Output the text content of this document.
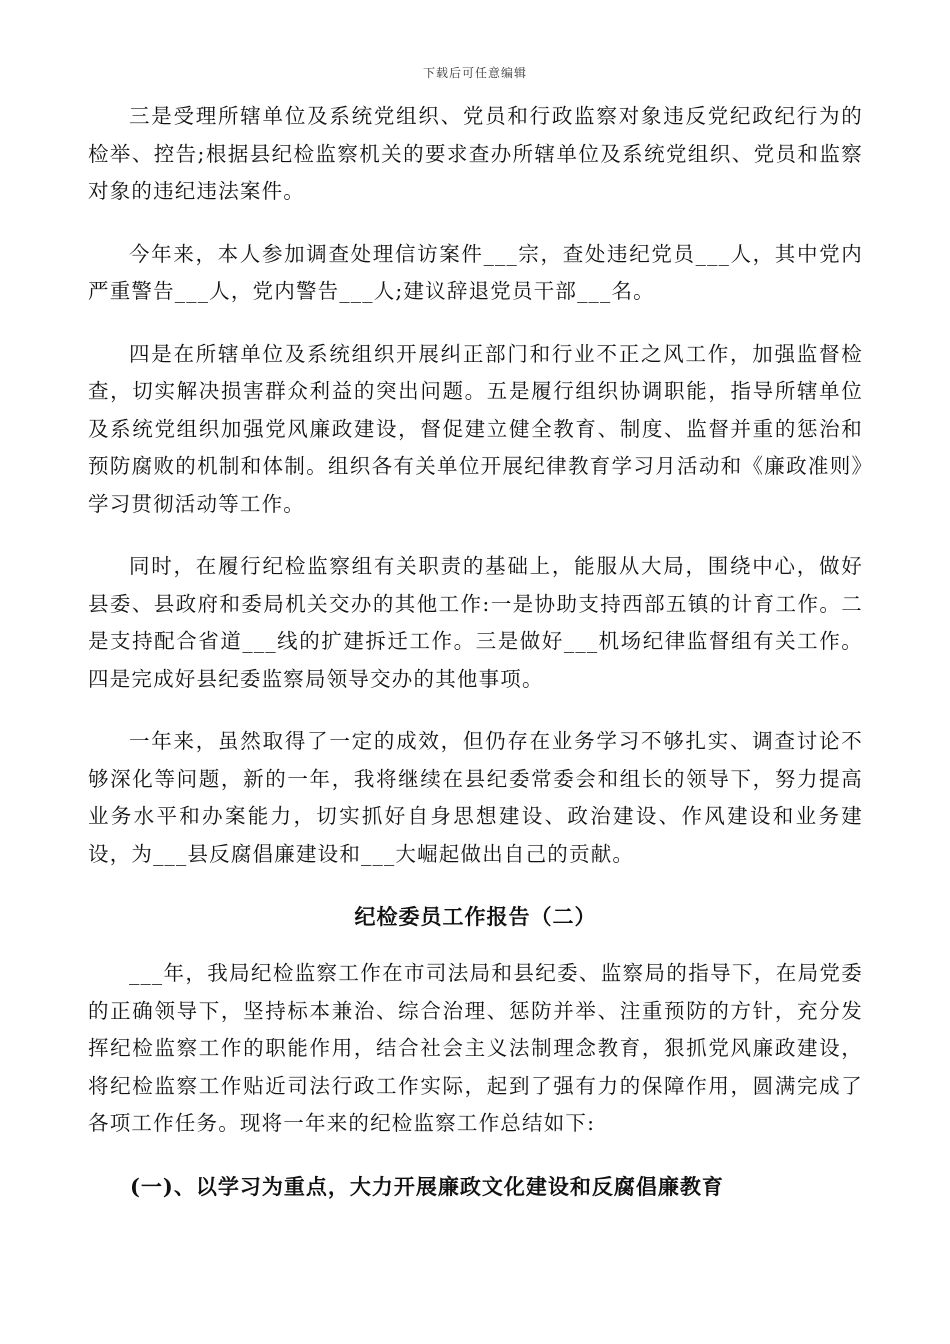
下载后可任意编辑

三是受理所辖单位及系统党组织、党员和行政监察对象违反党纪政纪行为的检举、控告;根据县纪检监察机关的要求查办所辖单位及系统党组织、党员和监察对象的违纪违法案件。

今年来，本人参加调查处理信访案件___宗，查处违纪党员___人，其中党内严重警告___人，党内警告___人;建议辞退党员干部___名。

四是在所辖单位及系统组织开展纠正部门和行业不正之风工作，加强监督检查，切实解决损害群众利益的突出问题。五是履行组织协调职能，指导所辖单位及系统党组织加强党风廉政建设，督促建立健全教育、制度、监督并重的惩治和预防腐败的机制和体制。组织各有关单位开展纪律教育学习月活动和《廉政准则》学习贯彻活动等工作。

同时，在履行纪检监察组有关职责的基础上，能服从大局，围绕中心，做好县委、县政府和委局机关交办的其他工作:一是协助支持西部五镇的计育工作。二是支持配合省道___线的扩建拆迁工作。三是做好___机场纪律监督组有关工作。四是完成好县纪委监察局领导交办的其他事项。

一年来，虽然取得了一定的成效，但仍存在业务学习不够扎实、调查讨论不够深化等问题，新的一年，我将继续在县纪委常委会和组长的领导下，努力提高业务水平和办案能力，切实抓好自身思想建设、政治建设、作风建设和业务建设，为___县反腐倡廉建设和___大崛起做出自己的贡献。

纪检委员工作报告（二）

___年，我局纪检监察工作在市司法局和县纪委、监察局的指导下，在局党委的正确领导下，坚持标本兼治、综合治理、惩防并举、注重预防的方针，充分发挥纪检监察工作的职能作用，结合社会主义法制理念教育，狠抓党风廉政建设，将纪检监察工作贴近司法行政工作实际，起到了强有力的保障作用，圆满完成了各项工作任务。现将一年来的纪检监察工作总结如下:

(一)、以学习为重点，大力开展廉政文化建设和反腐倡廉教育
